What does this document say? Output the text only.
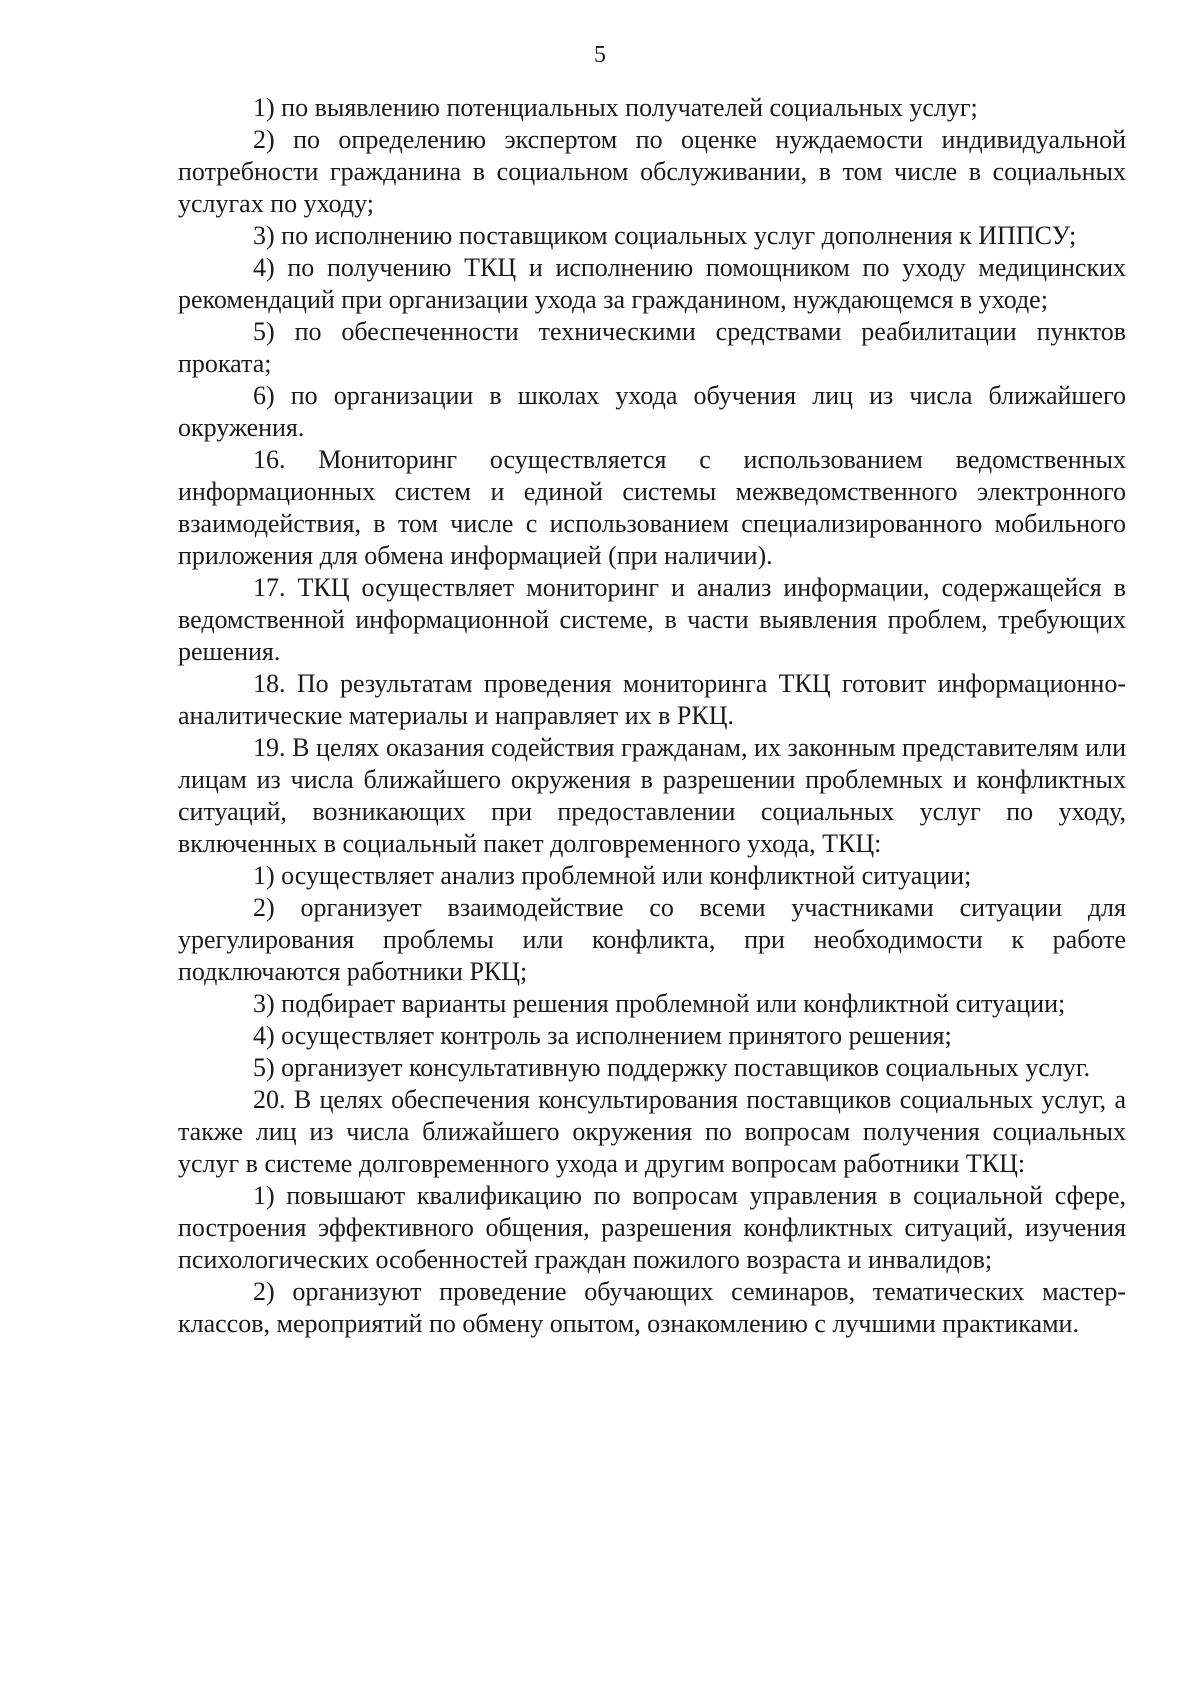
5

1) по выявлению потенциальных получателей социальных услуг;

2) по определению экспертом по оценке нуждаемости индивидуальной потребности гражданина в социальном обслуживании, в том числе в социальных услугах по уходу;

3) по исполнению поставщиком социальных услуг дополнения к ИППСУ;

4) по получению ТКЦ и исполнению помощником по уходу медицинских рекомендаций при организации ухода за гражданином, нуждающемся в уходе;

5) по обеспеченности техническими средствами реабилитации пунктов проката;

6) по организации в школах ухода обучения лиц из числа ближайшего окружения.

16. Мониторинг осуществляется с использованием ведомственных информационных систем и единой системы межведомственного электронного взаимодействия, в том числе с использованием специализированного мобильного приложения для обмена информацией (при наличии).

17. ТКЦ осуществляет мониторинг и анализ информации, содержащейся в ведомственной информационной системе, в части выявления проблем, требующих решения.

18. По результатам проведения мониторинга ТКЦ готовит информационно-аналитические материалы и направляет их в РКЦ.

19. В целях оказания содействия гражданам, их законным представителям или лицам из числа ближайшего окружения в разрешении проблемных и конфликтных ситуаций, возникающих при предоставлении социальных услуг по уходу, включенных в социальный пакет долговременного ухода, ТКЦ:

1) осуществляет анализ проблемной или конфликтной ситуации;

2) организует взаимодействие со всеми участниками ситуации для урегулирования проблемы или конфликта, при необходимости к работе подключаются работники РКЦ;

3) подбирает варианты решения проблемной или конфликтной ситуации;

4) осуществляет контроль за исполнением принятого решения;

5) организует консультативную поддержку поставщиков социальных услуг.

20. В целях обеспечения консультирования поставщиков социальных услуг, а также лиц из числа ближайшего окружения по вопросам получения социальных услуг в системе долговременного ухода и другим вопросам работники ТКЦ:

1) повышают квалификацию по вопросам управления в социальной сфере, построения эффективного общения, разрешения конфликтных ситуаций, изучения психологических особенностей граждан пожилого возраста и инвалидов;

2) организуют проведение обучающих семинаров, тематических мастер-классов, мероприятий по обмену опытом, ознакомлению с лучшими практиками.
